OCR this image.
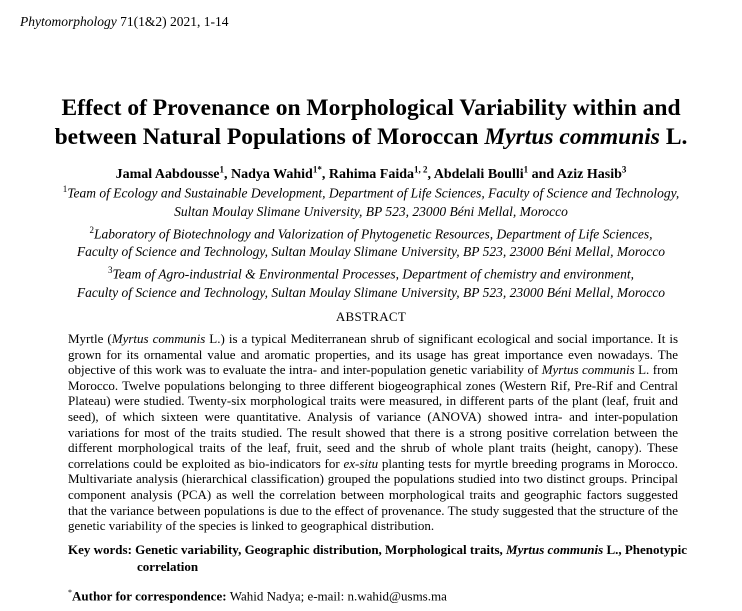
Phytomorphology 71(1&2) 2021, 1-14
Effect of Provenance on Morphological Variability within and
between Natural Populations of Moroccan Myrtus communis L.
Jamal Aabdousse$^1$, Nadya Wahid$^{1*}$, Rahima Faida$^{1, 2}$, Abdelali Boulli$^1$ and Aziz Hasib$^3$
$^1$Team of Ecology and Sustainable Development, Department of Life Sciences, Faculty of Science and Technology,
Sultan Moulay Slimane University, BP 523, 23000 Béni Mellal, Morocco
$^2$Laboratory of Biotechnology and Valorization of Phytogenetic Resources, Department of Life Sciences,
Faculty of Science and Technology, Sultan Moulay Slimane University, BP 523, 23000 Béni Mellal, Morocco
$^3$Team of Agro-industrial & Environmental Processes, Department of chemistry and environment,
Faculty of Science and Technology, Sultan Moulay Slimane University, BP 523, 23000 Béni Mellal, Morocco
ABSTRACT
Myrtle (Myrtus communis L.) is a typical Mediterranean shrub of significant ecological and social importance. It is grown for its ornamental value and aromatic properties, and its usage has great importance even nowadays. The objective of this work was to evaluate the intra- and inter-population genetic variability of Myrtus communis L. from Morocco. Twelve populations belonging to three different biogeographical zones (Western Rif, Pre-Rif and Central Plateau) were studied. Twenty-six morphological traits were measured, in different parts of the plant (leaf, fruit and seed), of which sixteen were quantitative. Analysis of variance (ANOVA) showed intra- and inter-population variations for most of the traits studied. The result showed that there is a strong positive correlation between the different morphological traits of the leaf, fruit, seed and the shrub of whole plant traits (height, canopy). These correlations could be exploited as bio-indicators for ex-situ planting tests for myrtle breeding programs in Morocco. Multivariate analysis (hierarchical classification) grouped the populations studied into two distinct groups. Principal component analysis (PCA) as well the correlation between morphological traits and geographic factors suggested that the variance between populations is due to the effect of provenance. The study suggested that the structure of the genetic variability of the species is linked to geographical distribution.
Key words: Genetic variability, Geographic distribution, Morphological traits, Myrtus communis L., Phenotypic
correlation
*Author for correspondence: Wahid Nadya; e-mail: n.wahid@usms.ma
